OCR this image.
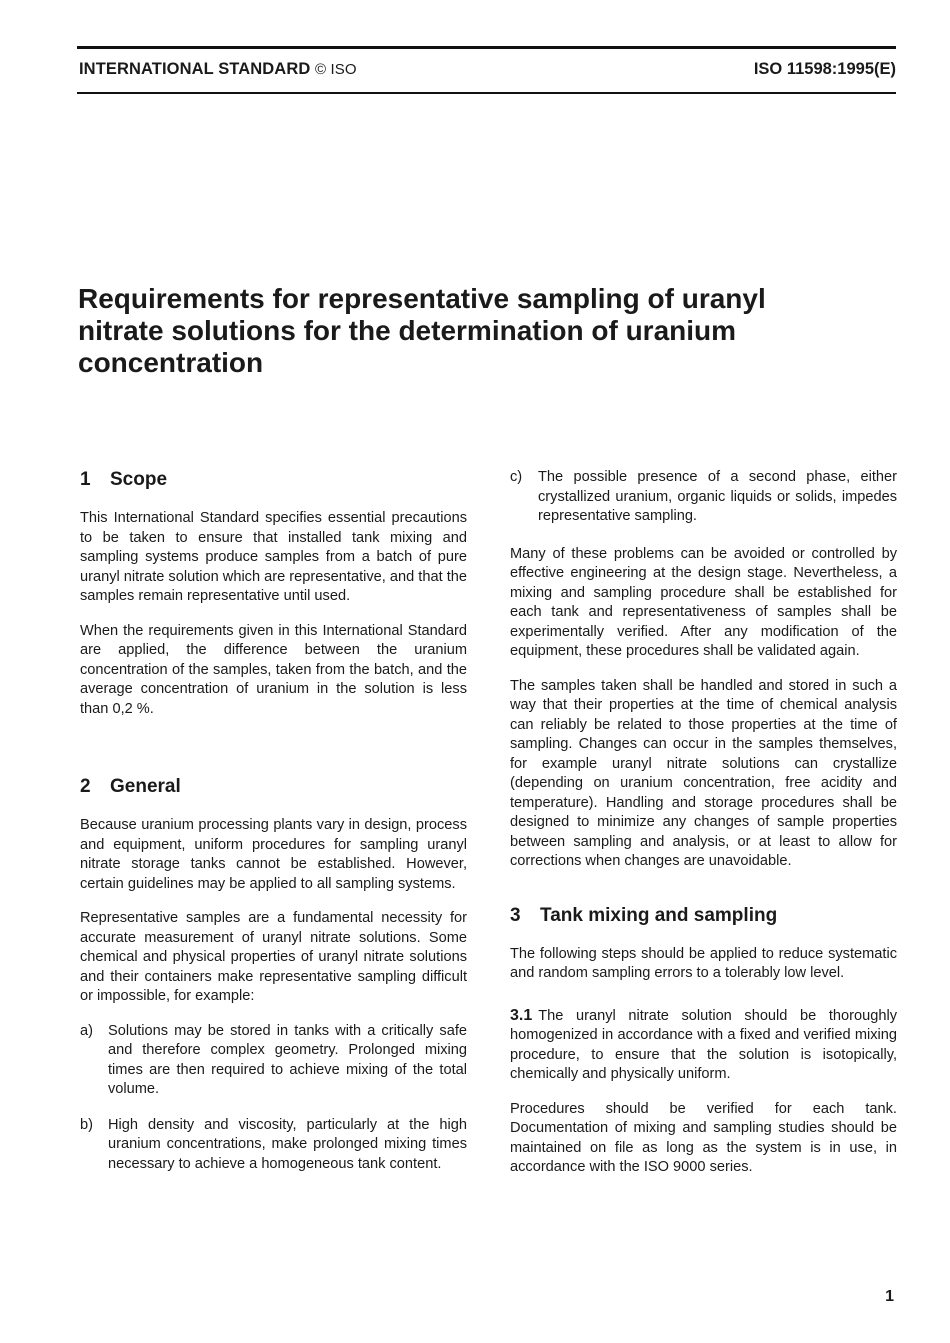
INTERNATIONAL STANDARD © ISO	ISO 11598:1995(E)
Requirements for representative sampling of uranyl nitrate solutions for the determination of uranium concentration
1 Scope

This International Standard specifies essential precautions to be taken to ensure that installed tank mixing and sampling systems produce samples from a batch of pure uranyl nitrate solution which are representative, and that the samples remain representative until used.

When the requirements given in this International Standard are applied, the difference between the uranium concentration of the samples, taken from the batch, and the average concentration of uranium in the solution is less than 0,2 %.

2 General

Because uranium processing plants vary in design, process and equipment, uniform procedures for sampling uranyl nitrate storage tanks cannot be established. However, certain guidelines may be applied to all sampling systems.

Representative samples are a fundamental necessity for accurate measurement of uranyl nitrate solutions. Some chemical and physical properties of uranyl nitrate solutions and their containers make representative sampling difficult or impossible, for example:

a) Solutions may be stored in tanks with a critically safe and therefore complex geometry. Prolonged mixing times are then required to achieve mixing of the total volume.
b) High density and viscosity, particularly at the high uranium concentrations, make prolonged mixing times necessary to achieve a homogeneous tank content.
c) The possible presence of a second phase, either crystallized uranium, organic liquids or solids, impedes representative sampling.

Many of these problems can be avoided or controlled by effective engineering at the design stage. Nevertheless, a mixing and sampling procedure shall be established for each tank and representativeness of samples shall be experimentally verified. After any modification of the equipment, these procedures shall be validated again.

The samples taken shall be handled and stored in such a way that their properties at the time of chemical analysis can reliably be related to those properties at the time of sampling. Changes can occur in the samples themselves, for example uranyl nitrate solutions can crystallize (depending on uranium concentration, free acidity and temperature). Handling and storage procedures shall be designed to minimize any changes of sample properties between sampling and analysis, or at least to allow for corrections when changes are unavoidable.

3 Tank mixing and sampling

The following steps should be applied to reduce systematic and random sampling errors to a tolerably low level.

3.1 The uranyl nitrate solution should be thoroughly homogenized in accordance with a fixed and verified mixing procedure, to ensure that the solution is isotopically, chemically and physically uniform.

Procedures should be verified for each tank. Documentation of mixing and sampling studies should be maintained on file as long as the system is in use, in accordance with the ISO 9000 series.

1
